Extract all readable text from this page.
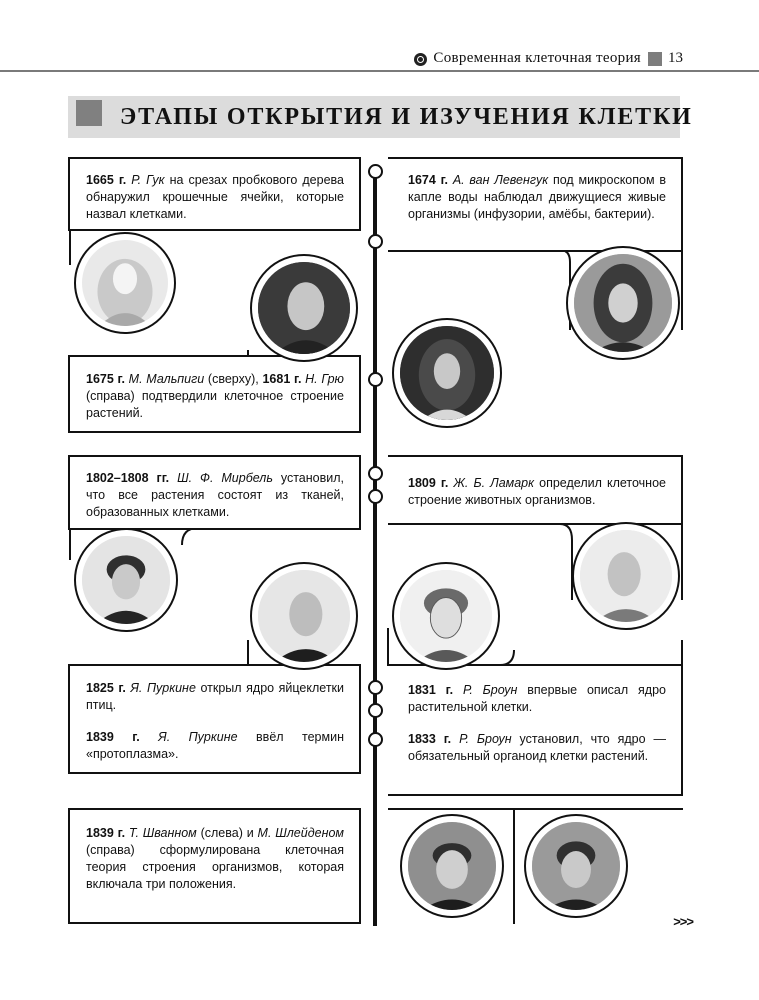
Современная клеточная теория 13
ЭТАПЫ ОТКРЫТИЯ И ИЗУЧЕНИЯ КЛЕТКИ
1665 г. Р. Гук на срезах пробкового дерева обнаружил крошечные ячейки, которые назвал клетками.
1674 г. А. ван Левенгук под микроскопом в капле воды наблюдал движущиеся живые организмы (инфузории, амёбы, бактерии).
1675 г. М. Мальпиги (сверху), 1681 г. Н. Грю (справа) подтвердили клеточное строение растений.
1802–1808 гг. Ш. Ф. Мирбель установил, что все растения состоят из тканей, образованных клетками.
1809 г. Ж. Б. Ламарк определил клеточное строение животных организмов.

1825 г. Я. Пуркине открыл ядро яйцеклетки птиц.

1839 г. Я. Пуркине ввёл термин «протоплазма».

1831 г. Р. Броун впервые описал ядро растительной клетки.

1833 г. Р. Броун установил, что ядро — обязательный органоид клетки растений.

1839 г. Т. Шванном (слева) и М. Шлейденом (справа) сформулирована клеточная теория строения организмов, которая включала три положения.
>>>
